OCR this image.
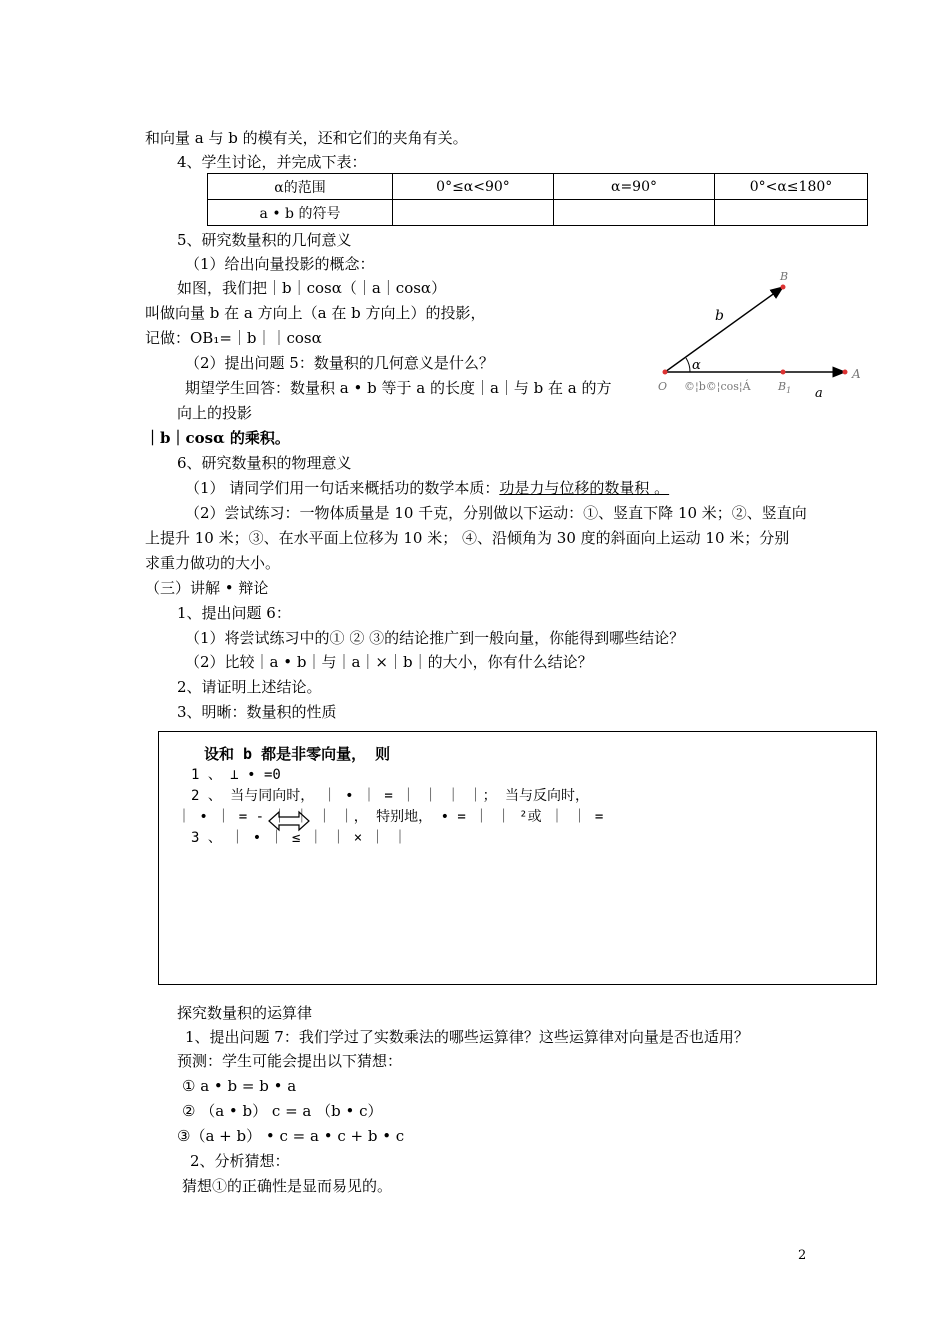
和向量 a 与 b 的模有关，还和它们的夹角有关。
4、学生讨论，并完成下表：
α的范围	0°≤α<90°	α=90°	0°<α≤180°
a • b 的符号			
5、研究数量积的几何意义
（1）给出向量投影的概念：
如图，我们把｜b｜cosα（｜a｜cosα）
叫做向量 b 在 a 方向上（a 在 b 方向上）的投影，
记做：OB₁=｜b｜｜cosα
（2）提出问题 5：数量积的几何意义是什么？
期望学生回答：数量积 a • b 等于 a 的长度｜a｜与 b 在 a 的方
向上的投影
｜b｜cosα 的乘积。
6、研究数量积的物理意义
（1） 请同学们用一句话来概括功的数学本质：功是力与位移的数量积 。
（2）尝试练习：一物体质量是 10 千克，分别做以下运动：①、竖直下降 10 米；②、竖直向
上提升 10 米；③、在水平面上位移为 10 米； ④、沿倾角为 30 度的斜面向上运动 10 米；分别
求重力做功的大小。
（三）讲解 • 辩论
1、提出问题 6：
（1）将尝试练习中的① ② ③的结论推广到一般向量，你能得到哪些结论？
（2）比较｜a • b｜与｜a｜×｜b｜的大小，你有什么结论？
2、请证明上述结论。
3、明晰：数量积的性质
B
b
α
O ©¦b©¦cos¦Á $B_1$
A
a
设和 b 都是非零向量， 则
1 、 ⊥ • =0
2 、 当与同向时， ｜ • ｜ = ｜ ｜ ｜ ｜； 当与反向时，
｜ • ｜ = - ｜ ｜ ｜ ｜， 特别地， • = ｜ ｜ ²或 ｜ ｜ =
3 、 ｜ • ｜ ≤ ｜ ｜ × ｜ ｜
探究数量积的运算律
1、提出问题 7：我们学过了实数乘法的哪些运算律？这些运算律对向量是否也适用？
预测：学生可能会提出以下猜想：
① a • b = b • a
② （a • b） c = a （b • c）
③（a + b） • c = a • c + b • c
2、分析猜想：
猜想①的正确性是显而易见的。
2
